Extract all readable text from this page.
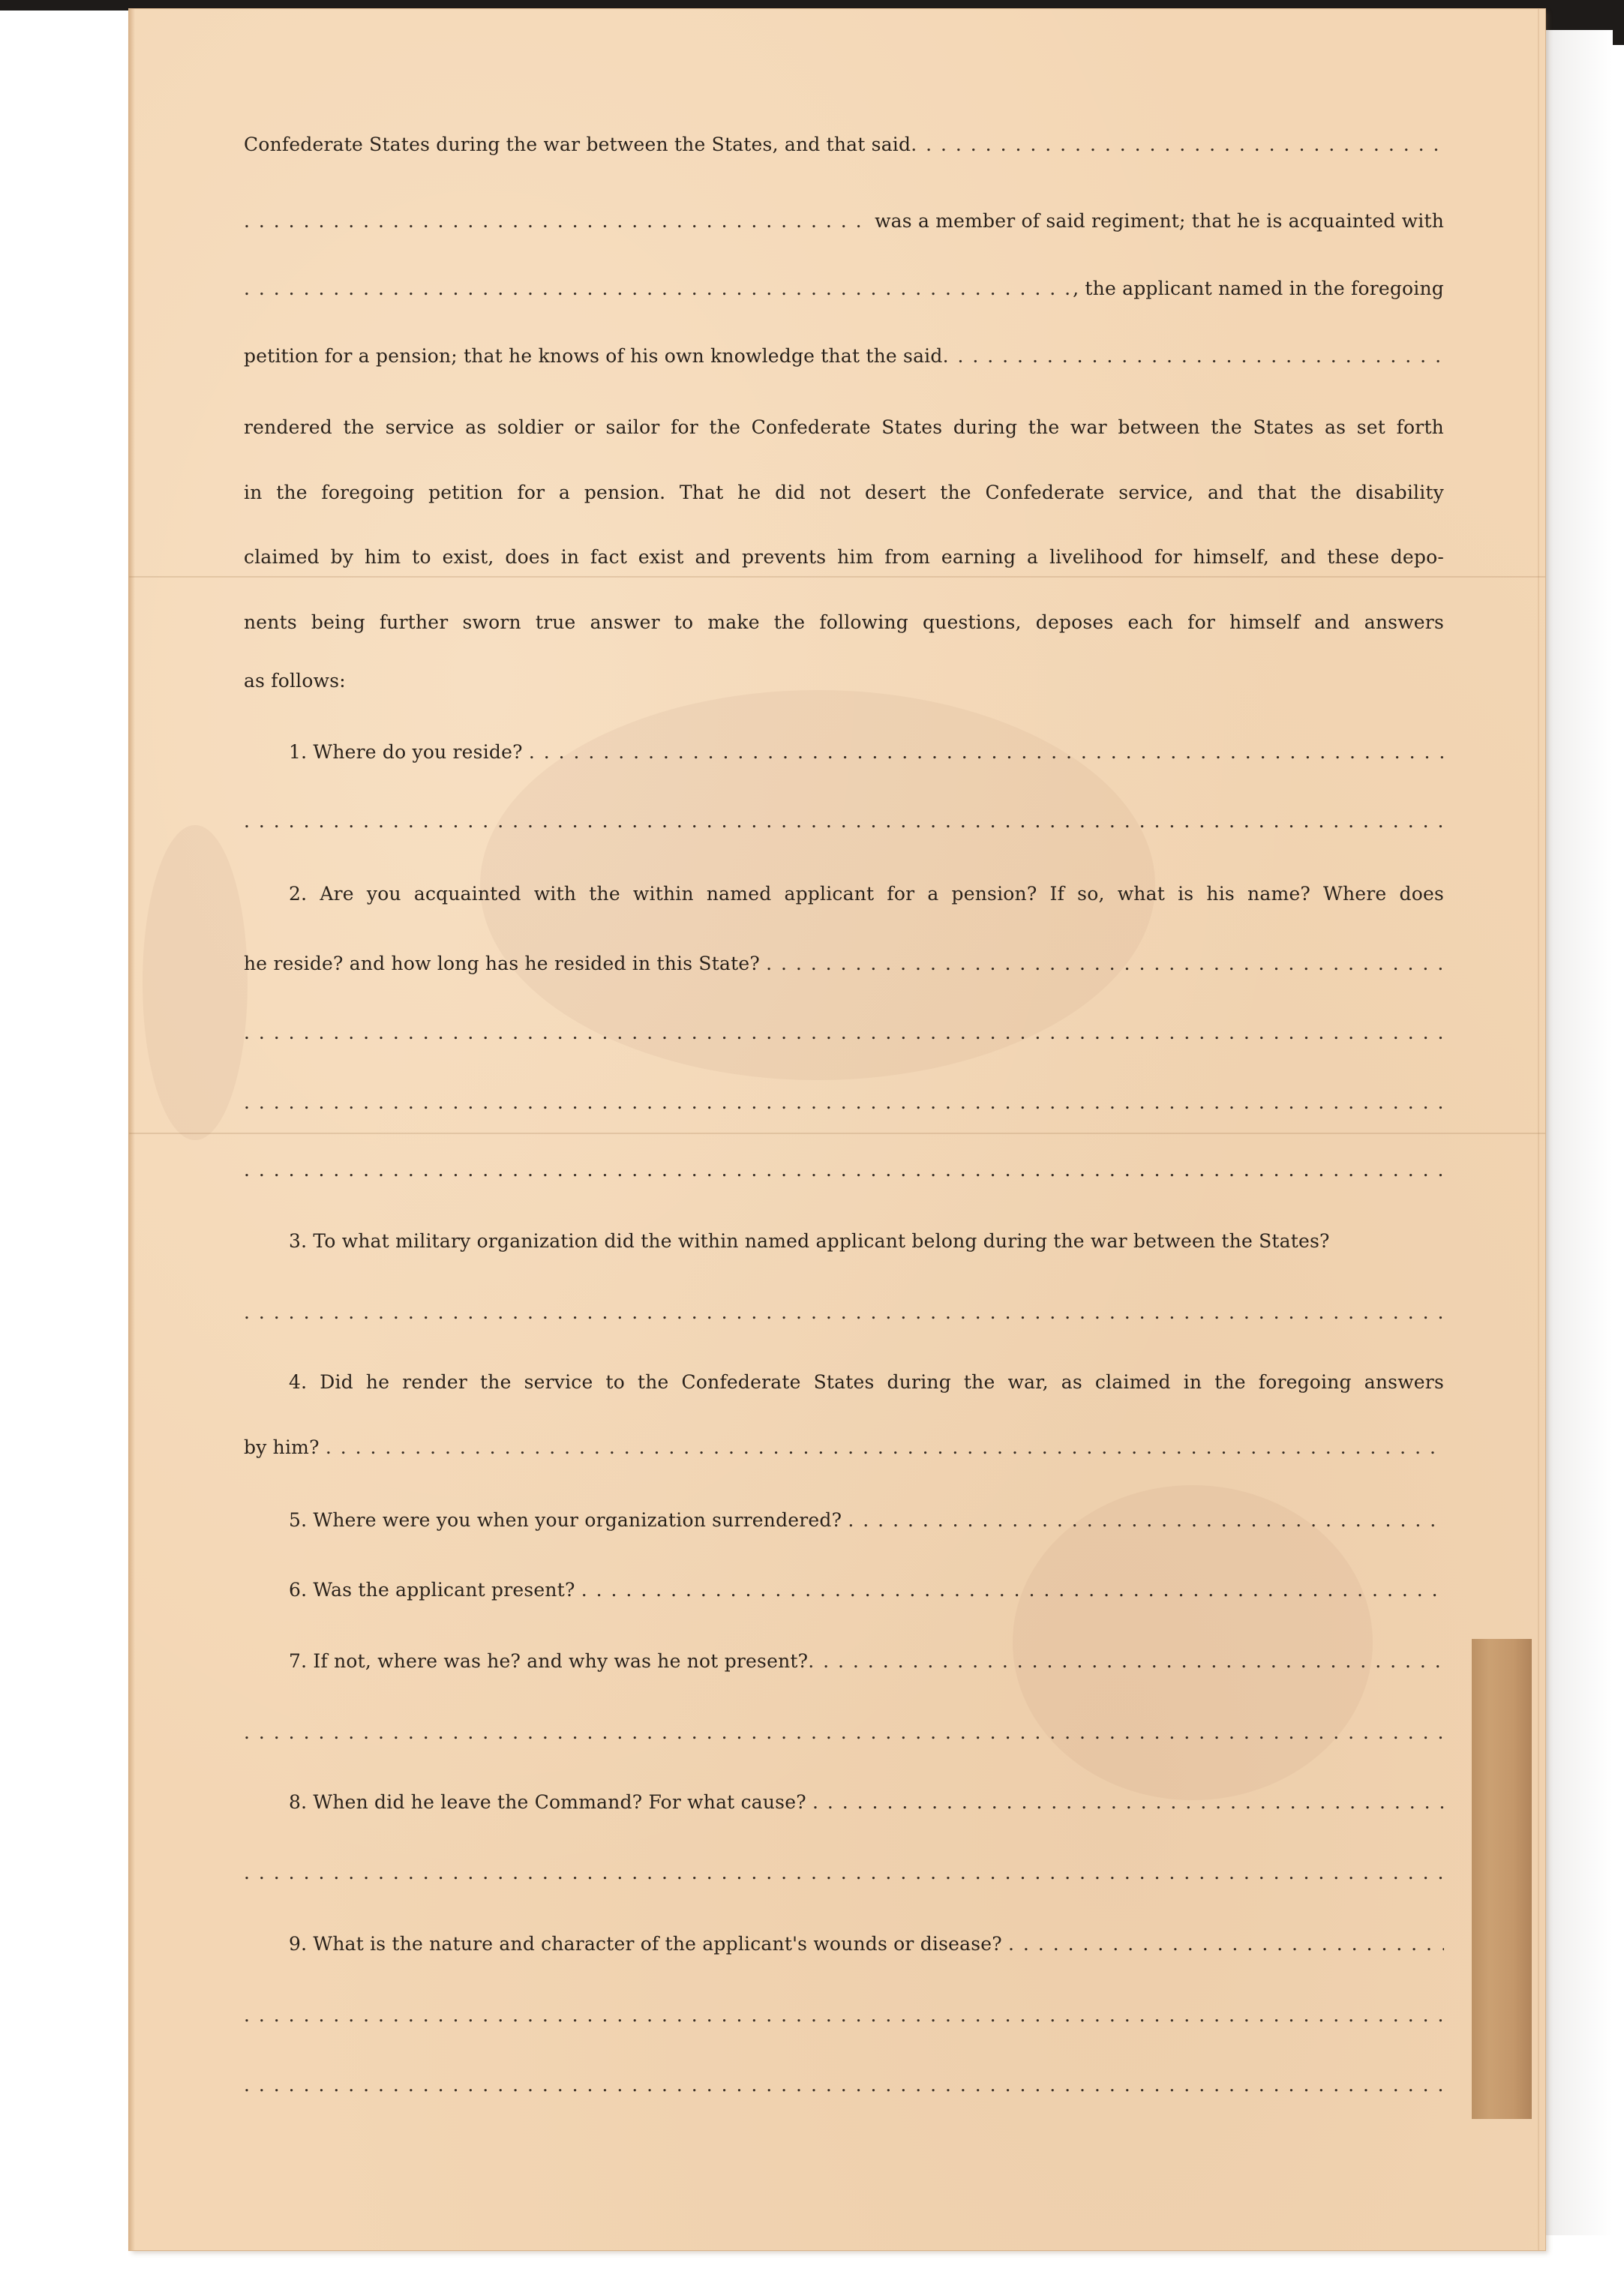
Confederate States during the war between the States, and that said
. . .
. . .
was a member of said regiment; that he is acquainted with
. . .
, the applicant named in the foregoing
petition for a pension; that he knows of his own knowledge that the said
. . .
rendered the service as soldier or sailor for the Confederate States during the war between the States as set forth
in the foregoing petition for a pension. That he did not desert the Confederate service, and that the disability
claimed by him to exist, does in fact exist and prevents him from earning a livelihood for himself, and these depo-
nents being further sworn true answer to make the following questions, deposes each for himself and answers
as follows:
1.
Where do you reside?

. . .
. . .
2. Are you acquainted with the within named applicant for a pension? If so, what is his name? Where does
he reside? and how long has he resided in this State?

. . .
. . .
. . .
. . .
3. To what military organization did the within named applicant belong during the war between the States?
. . .
4. Did he render the service to the Confederate States during the war, as claimed in the foregoing answers
by him?

. . .
5.
Where were you when your organization surrendered?

. . .
6.
Was the applicant present?

. . .
7.
If not, where was he? and why was he not present?
. . .
. . .
8.
When did he leave the Command? For what cause?

. . .
. . .
9.
What is the nature and character of the applicant's wounds or disease?

. . .
. . .
. . .
